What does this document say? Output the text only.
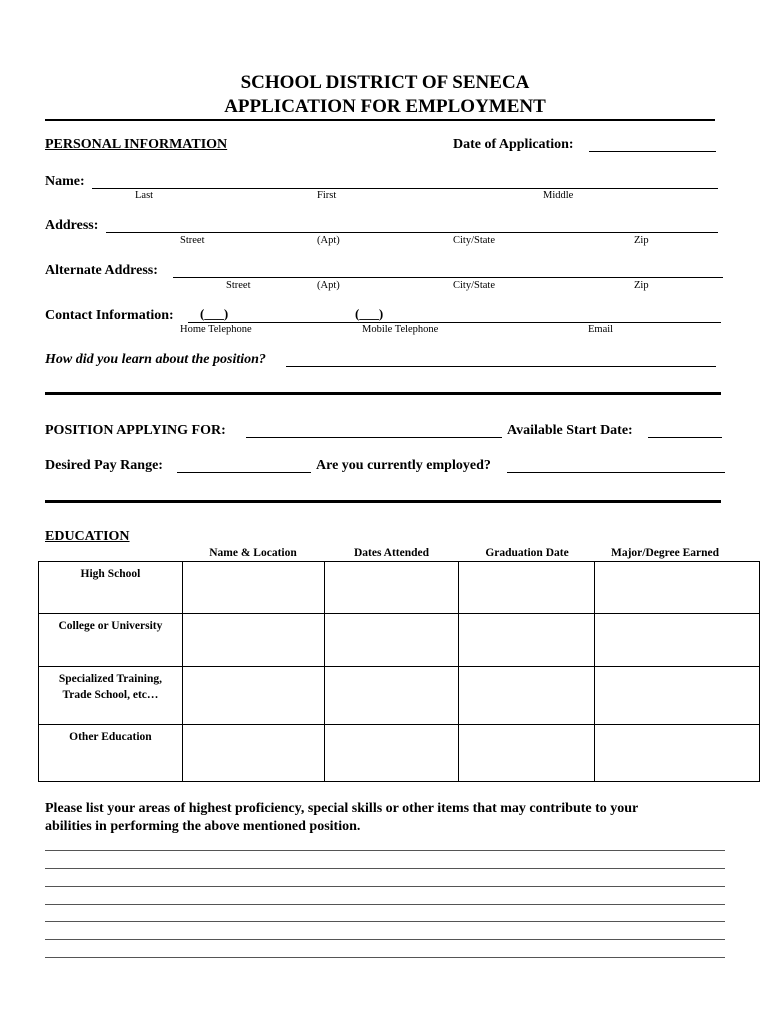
SCHOOL DISTRICT OF SENECA
APPLICATION FOR EMPLOYMENT
PERSONAL INFORMATION	Date of Application:
Name:
Last	First	Middle
Address:
Street	(Apt)	City/State	Zip
Alternate Address:
Street	(Apt)	City/State	Zip
Contact Information: (___)	(___)
Home Telephone	Mobile Telephone	Email
How did you learn about the position?
POSITION APPLYING FOR:	Available Start Date:
Desired Pay Range:	Are you currently employed?
EDUCATION
Name & Location	Dates Attended	Graduation Date	Major/Degree Earned
High School				
College or University				
Specialized Training,
Trade School, etc…				
Other Education				
Please list your areas of highest proficiency, special skills or other items that may contribute to your
abilities in performing the above mentioned position.
